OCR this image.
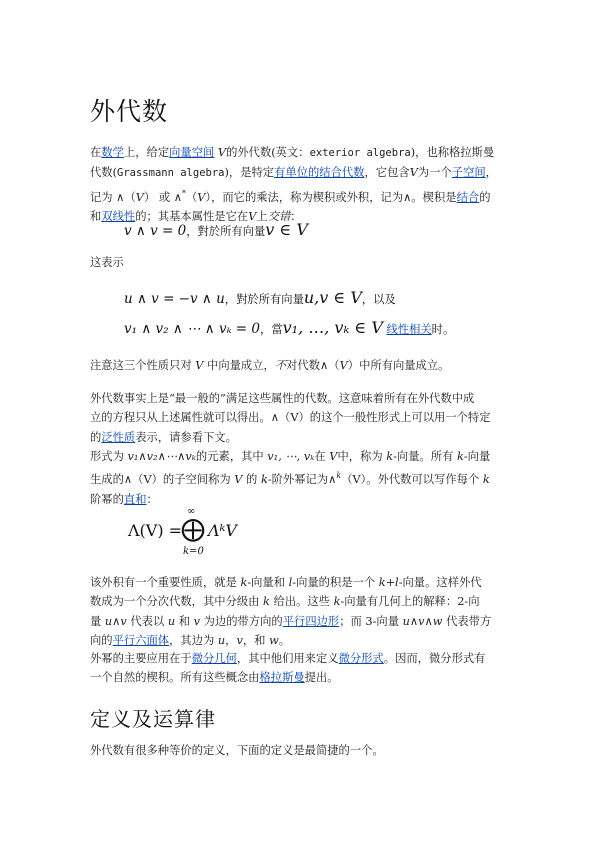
外代数

在数学上，给定向量空间 V的外代数(英文：exterior algebra)，也称格拉斯曼

代数(Grassmann algebra)，是特定有单位的结合代数，它包含V为一个子空间，

记为 ∧（V） 或 ∧*（V），而它的乘法，称为楔积或外积，记为∧。楔积是结合的

和双线性的；其基本属性是它在V上交错：

v ∧ v = 0，對於所有向量v ∈ V

这表示

u ∧ v = −v ∧ u，對於所有向量u,v ∈ V，以及
v₁ ∧ v₂ ∧ ⋯ ∧ vₖ = 0，當v₁, …, vₖ ∈ V 线性相关时。

注意这三个性质只对 V 中向量成立，不对代数∧（V）中所有向量成立。

外代数事实上是“最一般的”满足这些属性的代数。这意味着所有在外代数中成

立的方程只从上述属性就可以得出。∧（V）的这个一般性形式上可以用一个特定

的泛性质表示，请参看下文。

形式为 v₁∧v₂∧⋯∧vₖ的元素，其中 v₁, ⋯, vₖ在 V中，称为 k-向量。所有 k-向量

生成的∧（V）的子空间称为 V 的 k-阶外幂记为∧$^k$（V）。外代数可以写作每个 k

阶幂的直和：

Λ(V) =
∞
⨁
k=0
ΛᵏV

该外积有一个重要性质，就是 k-向量和 l-向量的积是一个 k+l-向量。这样外代

数成为一个分次代数，其中分级由 k 给出。这些 k-向量有几何上的解释：2-向

量 u∧v 代表以 u 和 v 为边的带方向的平行四边形；而 3-向量 u∧v∧w 代表带方

向的平行六面体，其边为 u，v，和 w。

外幂的主要应用在于微分几何，其中他们用来定义微分形式。因而，微分形式有

一个自然的楔积。所有这些概念由格拉斯曼提出。

定义及运算律

外代数有很多种等价的定义，下面的定义是最简捷的一个。
